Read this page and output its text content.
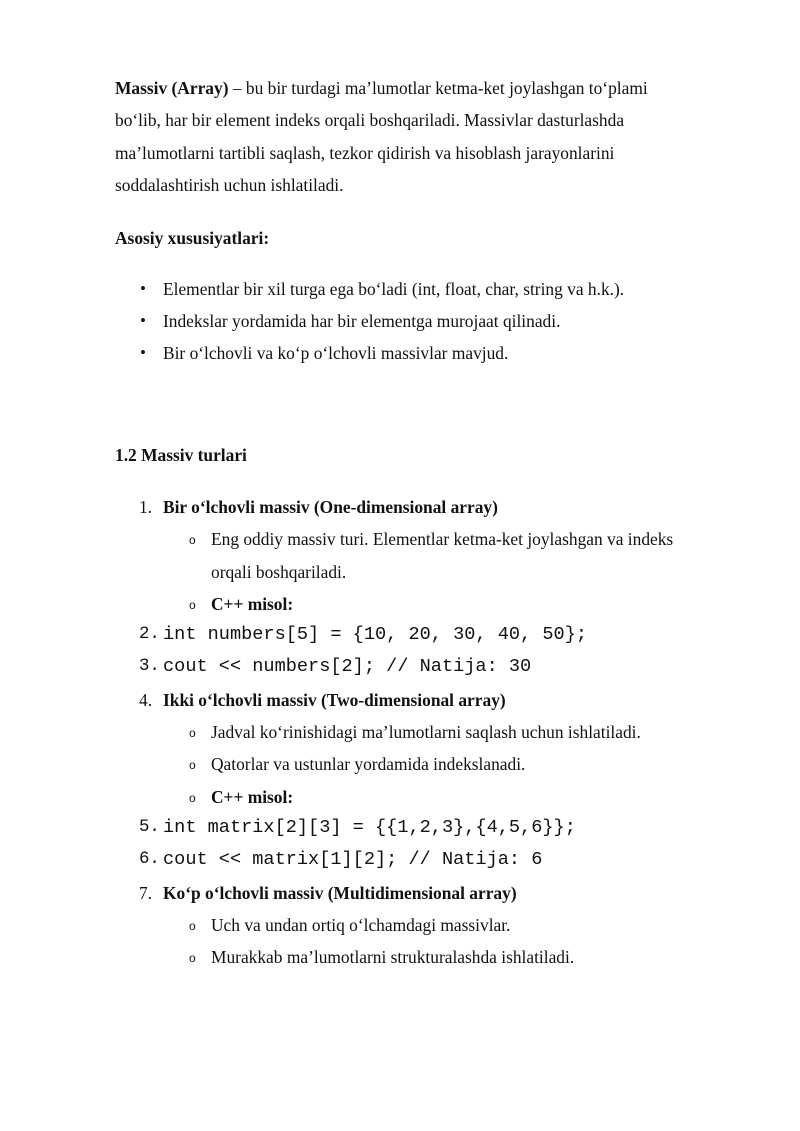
Massiv (Array) – bu bir turdagi ma’lumotlar ketma-ket joylashgan to‘plami
bo‘lib, har bir element indeks orqali boshqariladi. Massivlar dasturlashda
ma’lumotlarni tartibli saqlash, tezkor qidirish va hisoblash jarayonlarini
soddalashtirish uchun ishlatiladi.
Asosiy xususiyatlari:
• Elementlar bir xil turga ega bo‘ladi (int, float, char, string va h.k.).
• Indekslar yordamida har bir elementga murojaat qilinadi.
• Bir o‘lchovli va ko‘p o‘lchovli massivlar mavjud.
1.2 Massiv turlari
1. Bir o‘lchovli massiv (One-dimensional array)
o Eng oddiy massiv turi. Elementlar ketma-ket joylashgan va indeks
orqali boshqariladi.
o C++ misol:
2. int numbers[5] = {10, 20, 30, 40, 50};
3. cout << numbers[2]; // Natija: 30
4. Ikki o‘lchovli massiv (Two-dimensional array)
o Jadval ko‘rinishidagi ma’lumotlarni saqlash uchun ishlatiladi.
o Qatorlar va ustunlar yordamida indekslanadi.
o C++ misol:
5. int matrix[2][3] = {{1,2,3},{4,5,6}};
6. cout << matrix[1][2]; // Natija: 6
7. Ko‘p o‘lchovli massiv (Multidimensional array)
o Uch va undan ortiq o‘lchamdagi massivlar.
o Murakkab ma’lumotlarni strukturalashda ishlatiladi.
